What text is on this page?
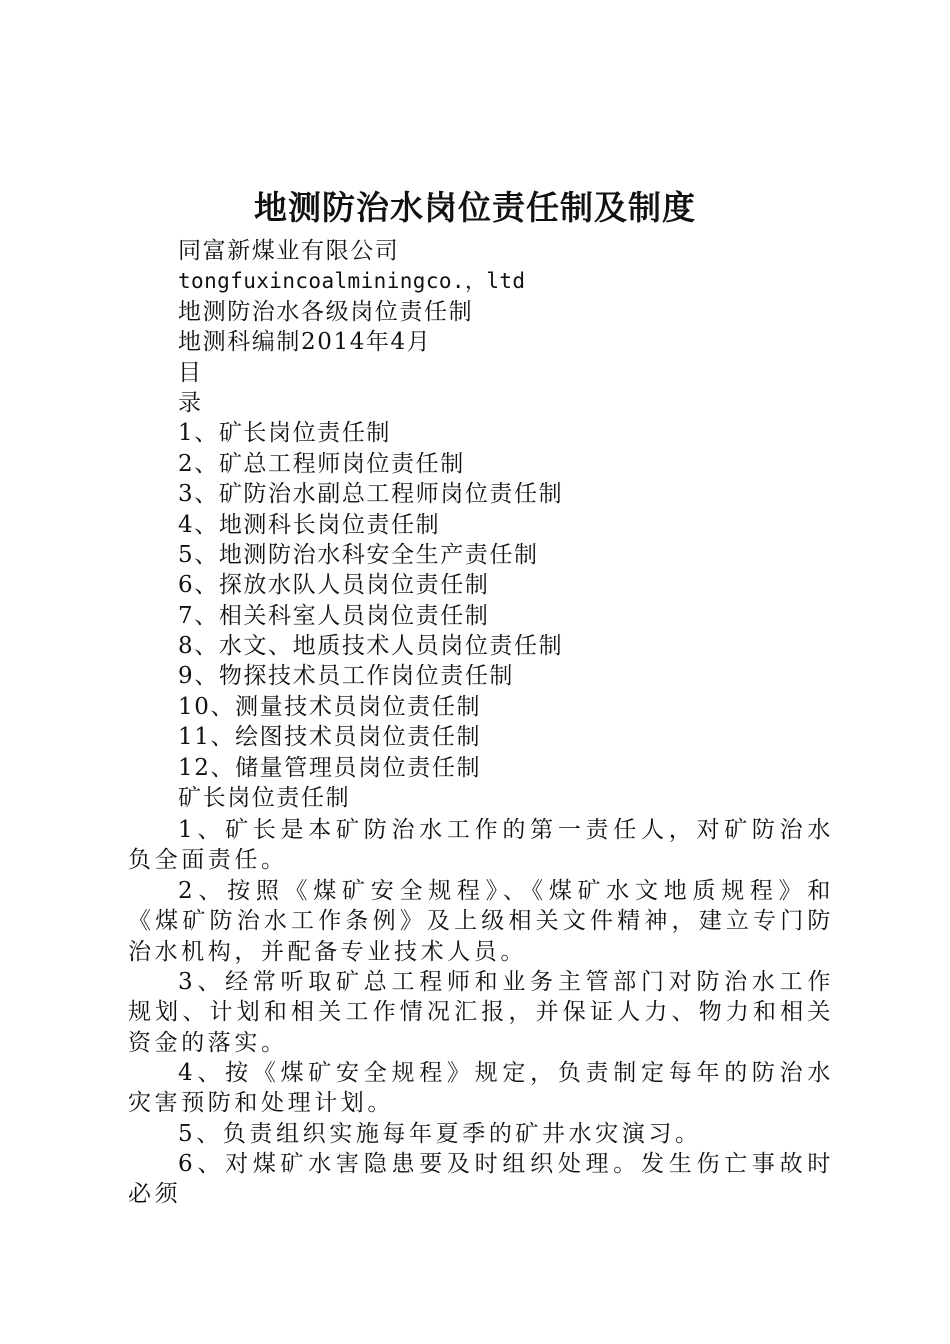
地测防治水岗位责任制及制度
同富新煤业有限公司
tongfuxincoalminingco.，ltd
地测防治水各级岗位责任制
地测科编制2014年4月
目
录
1、矿长岗位责任制
2、矿总工程师岗位责任制
3、矿防治水副总工程师岗位责任制
4、地测科长岗位责任制
5、地测防治水科安全生产责任制
6、探放水队人员岗位责任制
7、相关科室人员岗位责任制
8、水文、地质技术人员岗位责任制
9、物探技术员工作岗位责任制
10、测量技术员岗位责任制
11、绘图技术员岗位责任制
12、储量管理员岗位责任制
矿长岗位责任制

1、矿长是本矿防治水工作的第一责任人，对矿防治水负全面责任。

2、按照《煤矿安全规程》、《煤矿水文地质规程》和《煤矿防治水工作条例》及上级相关文件精神，建立专门防治水机构，并配备专业技术人员。

3、经常听取矿总工程师和业务主管部门对防治水工作规划、计划和相关工作情况汇报，并保证人力、物力和相关资金的落实。

4、按《煤矿安全规程》规定，负责制定每年的防治水灾害预防和处理计划。

5、负责组织实施每年夏季的矿井水灾演习。

6、对煤矿水害隐患要及时组织处理。发生伤亡事故时必须
